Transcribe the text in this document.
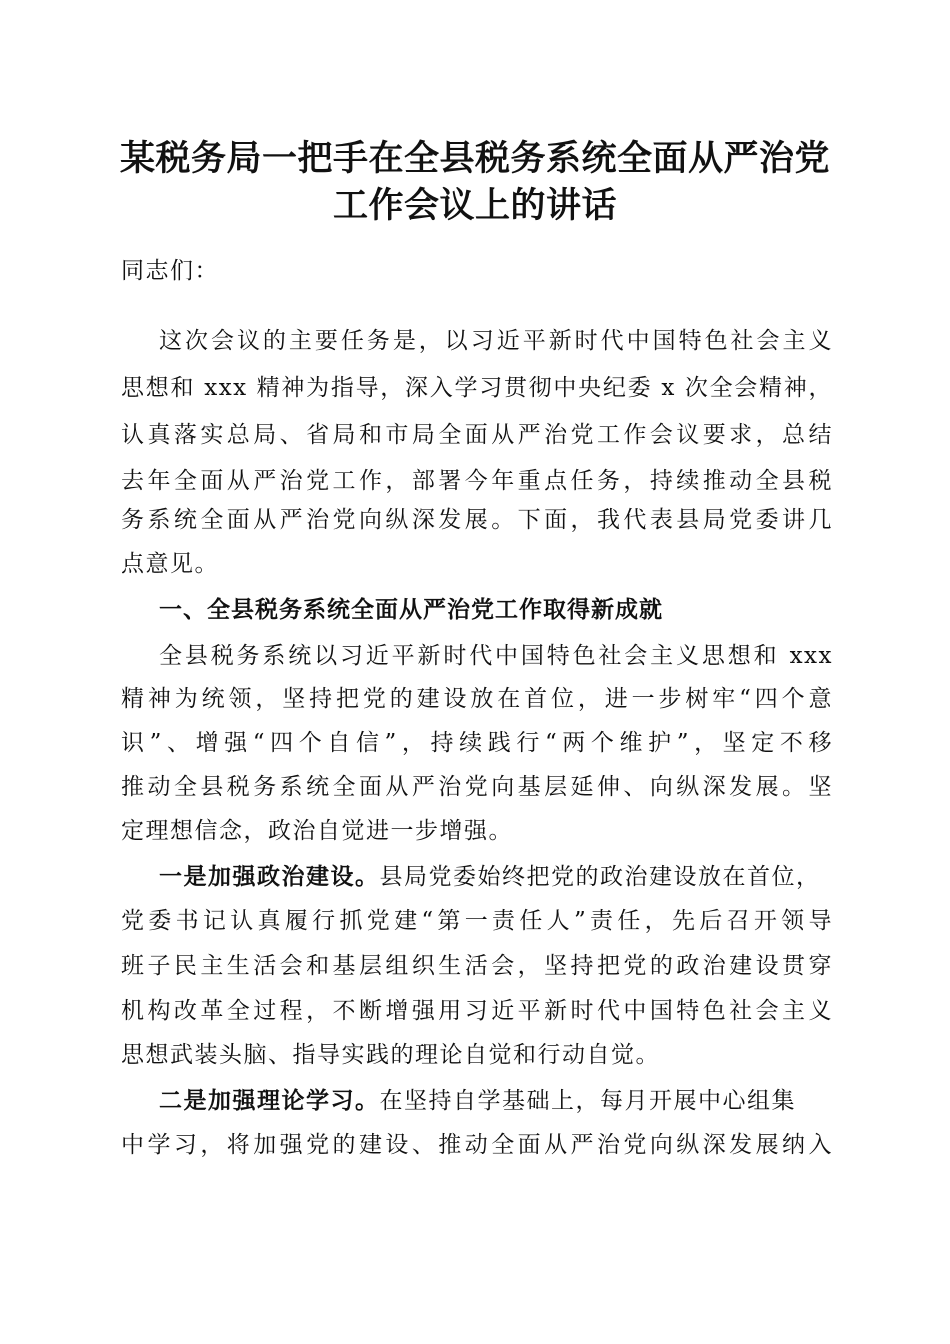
某税务局一把手在全县税务系统全面从严治党
工作会议上的讲话

同志们：

这次会议的主要任务是，以习近平新时代中国特色社会主义

思想和 xxx 精神为指导，深入学习贯彻中央纪委 x 次全会精神，

认真落实总局、省局和市局全面从严治党工作会议要求，总结

去年全面从严治党工作，部署今年重点任务，持续推动全县税

务系统全面从严治党向纵深发展。下面，我代表县局党委讲几

点意见。

一、全县税务系统全面从严治党工作取得新成就

全县税务系统以习近平新时代中国特色社会主义思想和 xxx

精神为统领，坚持把党的建设放在首位，进一步树牢“四个意

识”、增强“四个自信”，持续践行“两个维护”，坚定不移

推动全县税务系统全面从严治党向基层延伸、向纵深发展。坚

定理想信念，政治自觉进一步增强。

一是加强政治建设。县局党委始终把党的政治建设放在首位，

党委书记认真履行抓党建“第一责任人”责任，先后召开领导

班子民主生活会和基层组织生活会，坚持把党的政治建设贯穿

机构改革全过程，不断增强用习近平新时代中国特色社会主义

思想武装头脑、指导实践的理论自觉和行动自觉。

二是加强理论学习。在坚持自学基础上，每月开展中心组集

中学习，将加强党的建设、推动全面从严治党向纵深发展纳入
